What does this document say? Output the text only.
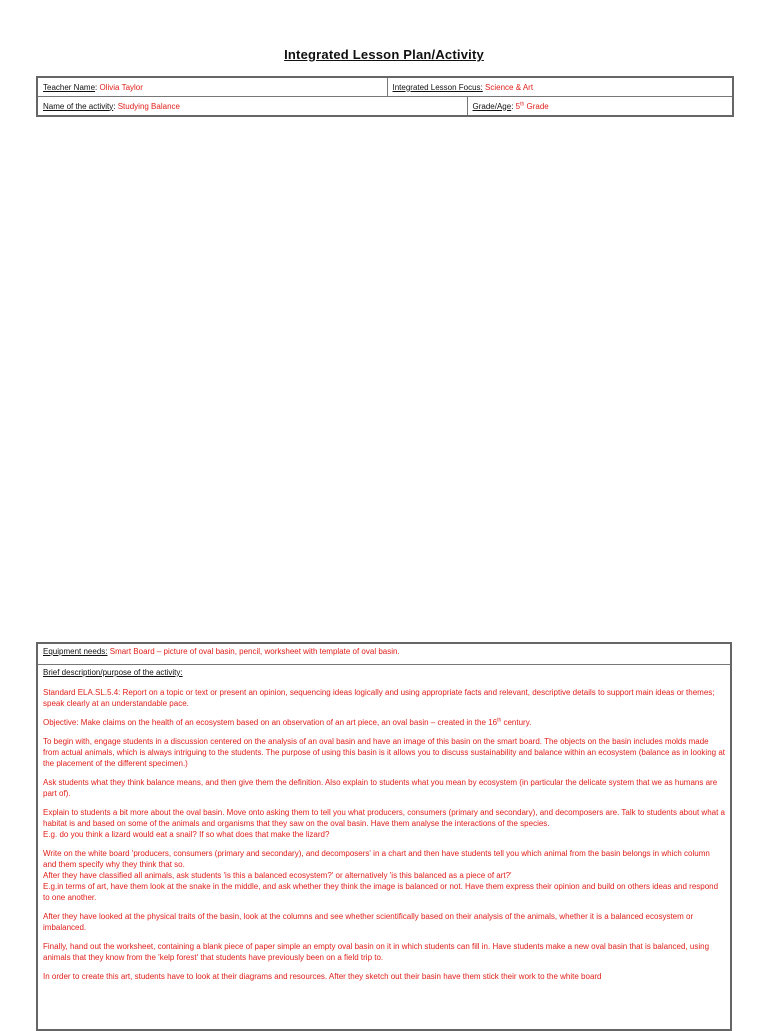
Integrated Lesson Plan/Activity
Teacher Name: Olivia Taylor	Integrated Lesson Focus: Science & Art	
Name of the activity: Studying Balance		Grade/Age: 5th Grade
Equipment needs: Smart Board – picture of oval basin, pencil, worksheet with template of oval basin.

Brief description/purpose of the activity:

Standard ELA.SL.5.4: Report on a topic or text or present an opinion, sequencing ideas logically and using appropriate facts and relevant, descriptive details to support main ideas or themes; speak clearly at an understandable pace.

Objective: Make claims on the health of an ecosystem based on an observation of an art piece, an oval basin – created in the 16th century.

To begin with, engage students in a discussion centered on the analysis of an oval basin and have an image of this basin on the smart board. The objects on the basin includes molds made from actual animals, which is always intriguing to the students. The purpose of using this basin is it allows you to discuss sustainability and balance within an ecosystem (balance as in looking at the placement of the different specimen.)

Ask students what they think balance means, and then give them the definition. Also explain to students what you mean by ecosystem (in particular the delicate system that we as humans are part of).

Explain to students a bit more about the oval basin. Move onto asking them to tell you what producers, consumers (primary and secondary), and decomposers are. Talk to students about what a habitat is and based on some of the animals and organisms that they saw on the oval basin. Have them analyse the interactions of the species.
E.g. do you think a lizard would eat a snail? If so what does that make the lizard?

Write on the white board 'producers, consumers (primary and secondary), and decomposers' in a chart and then have students tell you which animal from the basin belongs in which column and them specify why they think that so.
After they have classified all animals, ask students 'is this a balanced ecosystem?' or alternatively 'is this balanced as a piece of art?'
E.g.in terms of art, have them look at the snake in the middle, and ask whether they think the image is balanced or not. Have them express their opinion and build on others ideas and respond to one another.

After they have looked at the physical traits of the basin, look at the columns and see whether scientifically based on their analysis of the animals, whether it is a balanced ecosystem or imbalanced.

Finally, hand out the worksheet, containing a blank piece of paper simple an empty oval basin on it in which students can fill in. Have students make a new oval basin that is balanced, using animals that they know from the 'kelp forest' that students have previously been on a field trip to.

In order to create this art, students have to look at their diagrams and resources. After they sketch out their basin have them stick their work to the white board
